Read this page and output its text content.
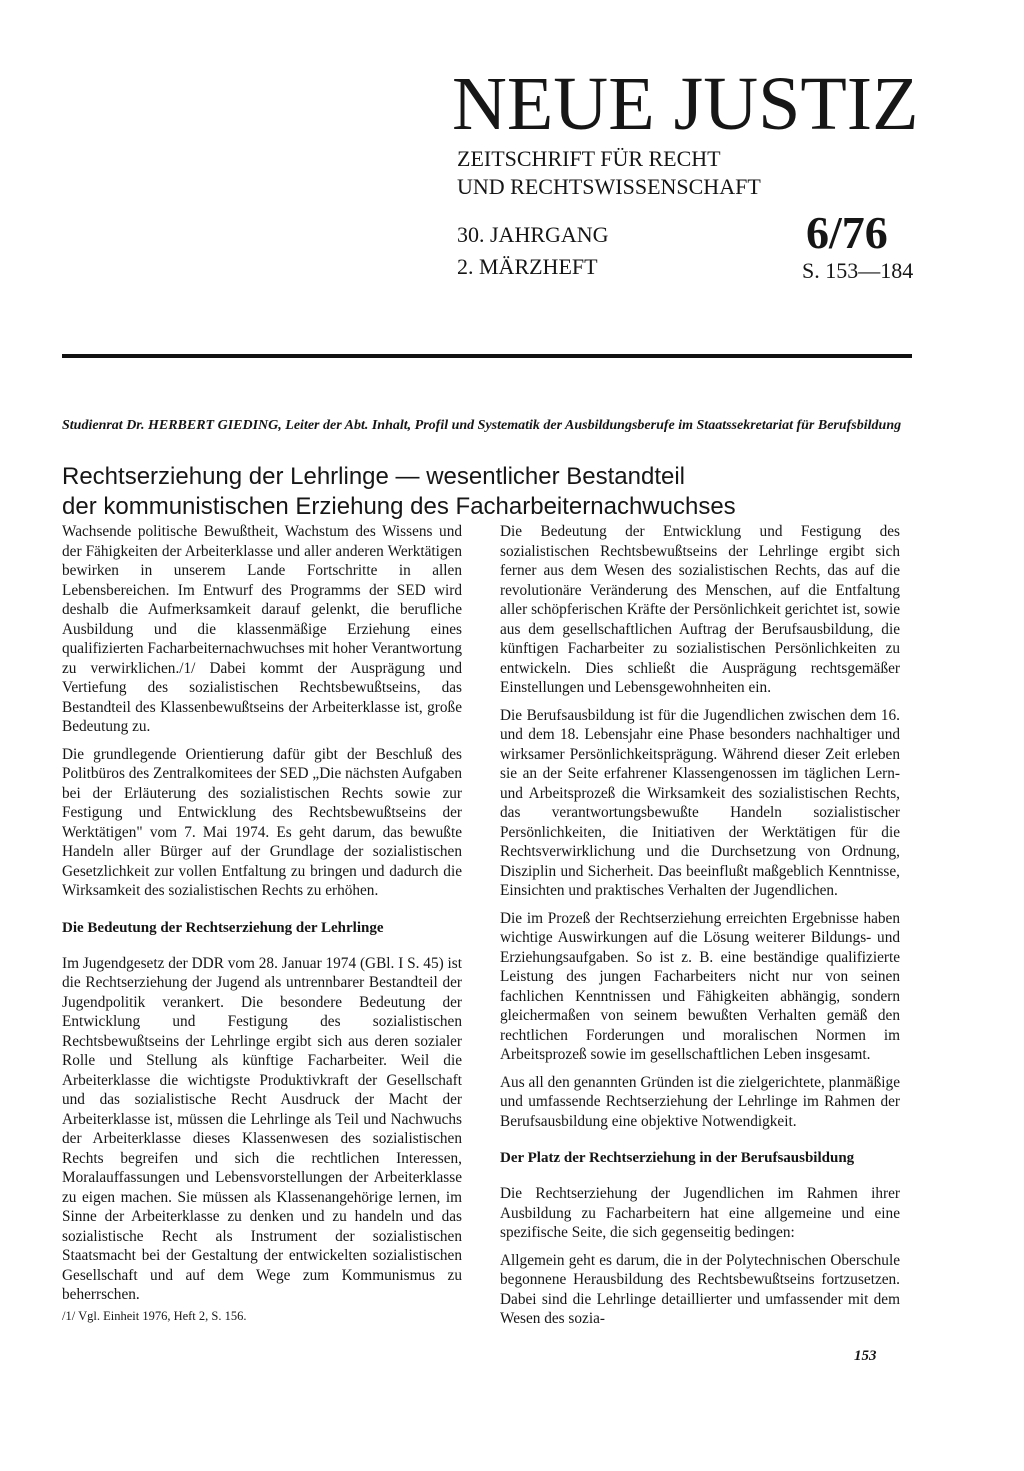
NEUE JUSTIZ
ZEITSCHRIFT FÜR RECHT
UND RECHTSWISSENSCHAFT
30. JAHRGANG
2. MÄRZHEFT
6/76
S. 153—184
Studienrat Dr. HERBERT GIEDING, Leiter der Abt. Inhalt, Profil und Systematik der Ausbildungsberufe im Staatssekretariat für Berufsbildung
Rechtserziehung der Lehrlinge — wesentlicher Bestandteil
der kommunistischen Erziehung des Facharbeiternachwuchses

Wachsende politische Bewußtheit, Wachstum des Wissens und der Fähigkeiten der Arbeiterklasse und aller anderen Werktätigen bewirken in unserem Lande Fortschritte in allen Lebensbereichen. Im Entwurf des Programms der SED wird deshalb die Aufmerksamkeit darauf gelenkt, die berufliche Ausbildung und die klassenmäßige Erziehung eines qualifizierten Facharbeiternachwuchses mit hoher Verantwortung zu verwirklichen./1/ Dabei kommt der Ausprägung und Vertiefung des sozialistischen Rechtsbewußtseins, das Bestandteil des Klassenbewußtseins der Arbeiterklasse ist, große Bedeutung zu.

Die grundlegende Orientierung dafür gibt der Beschluß des Politbüros des Zentralkomitees der SED „Die nächsten Aufgaben bei der Erläuterung des sozialistischen Rechts sowie zur Festigung und Entwicklung des Rechtsbewußtseins der Werktätigen" vom 7. Mai 1974. Es geht darum, das bewußte Handeln aller Bürger auf der Grundlage der sozialistischen Gesetzlichkeit zur vollen Entfaltung zu bringen und dadurch die Wirksamkeit des sozialistischen Rechts zu erhöhen.

Die Bedeutung der Rechtserziehung der Lehrlinge

Im Jugendgesetz der DDR vom 28. Januar 1974 (GBl. I S. 45) ist die Rechtserziehung der Jugend als untrennbarer Bestandteil der Jugendpolitik verankert. Die besondere Bedeutung der Entwicklung und Festigung des sozialistischen Rechtsbewußtseins der Lehrlinge ergibt sich aus deren sozialer Rolle und Stellung als künftige Facharbeiter. Weil die Arbeiterklasse die wichtigste Produktivkraft der Gesellschaft und das sozialistische Recht Ausdruck der Macht der Arbeiterklasse ist, müssen die Lehrlinge als Teil und Nachwuchs der Arbeiterklasse dieses Klassenwesen des sozialistischen Rechts begreifen und sich die rechtlichen Interessen, Moralauffassungen und Lebensvorstellungen der Arbeiterklasse zu eigen machen. Sie müssen als Klassenangehörige lernen, im Sinne der Arbeiterklasse zu denken und zu handeln und das sozialistische Recht als Instrument der sozialistischen Staatsmacht bei der Gestaltung der entwickelten sozialistischen Gesellschaft und auf dem Wege zum Kommunismus zu beherrschen.

Die Bedeutung der Entwicklung und Festigung des sozialistischen Rechtsbewußtseins der Lehrlinge ergibt sich ferner aus dem Wesen des sozialistischen Rechts, das auf die revolutionäre Veränderung des Menschen, auf die Entfaltung aller schöpferischen Kräfte der Persönlichkeit gerichtet ist, sowie aus dem gesellschaftlichen Auftrag der Berufsausbildung, die künftigen Facharbeiter zu sozialistischen Persönlichkeiten zu entwickeln. Dies schließt die Ausprägung rechtsgemäßer Einstellungen und Lebensgewohnheiten ein.

Die Berufsausbildung ist für die Jugendlichen zwischen dem 16. und dem 18. Lebensjahr eine Phase besonders nachhaltiger und wirksamer Persönlichkeitsprägung. Während dieser Zeit erleben sie an der Seite erfahrener Klassengenossen im täglichen Lern- und Arbeitsprozeß die Wirksamkeit des sozialistischen Rechts, das verantwortungsbewußte Handeln sozialistischer Persönlichkeiten, die Initiativen der Werktätigen für die Rechtsverwirklichung und die Durchsetzung von Ordnung, Disziplin und Sicherheit. Das beeinflußt maßgeblich Kenntnisse, Einsichten und praktisches Verhalten der Jugendlichen.

Die im Prozeß der Rechtserziehung erreichten Ergebnisse haben wichtige Auswirkungen auf die Lösung weiterer Bildungs- und Erziehungsaufgaben. So ist z. B. eine beständige qualifizierte Leistung des jungen Facharbeiters nicht nur von seinen fachlichen Kenntnissen und Fähigkeiten abhängig, sondern gleichermaßen von seinem bewußten Verhalten gemäß den rechtlichen Forderungen und moralischen Normen im Arbeitsprozeß sowie im gesellschaftlichen Leben insgesamt.

Aus all den genannten Gründen ist die zielgerichtete, planmäßige und umfassende Rechtserziehung der Lehrlinge im Rahmen der Berufsausbildung eine objektive Notwendigkeit.

Der Platz der Rechtserziehung in der Berufsausbildung

Die Rechtserziehung der Jugendlichen im Rahmen ihrer Ausbildung zu Facharbeitern hat eine allgemeine und eine spezifische Seite, die sich gegenseitig bedingen:

Allgemein geht es darum, die in der Polytechnischen Oberschule begonnene Herausbildung des Rechtsbewußtseins fortzusetzen. Dabei sind die Lehrlinge detaillierter und umfassender mit dem Wesen des sozia-

/1/ Vgl. Einheit 1976, Heft 2, S. 156.
153
